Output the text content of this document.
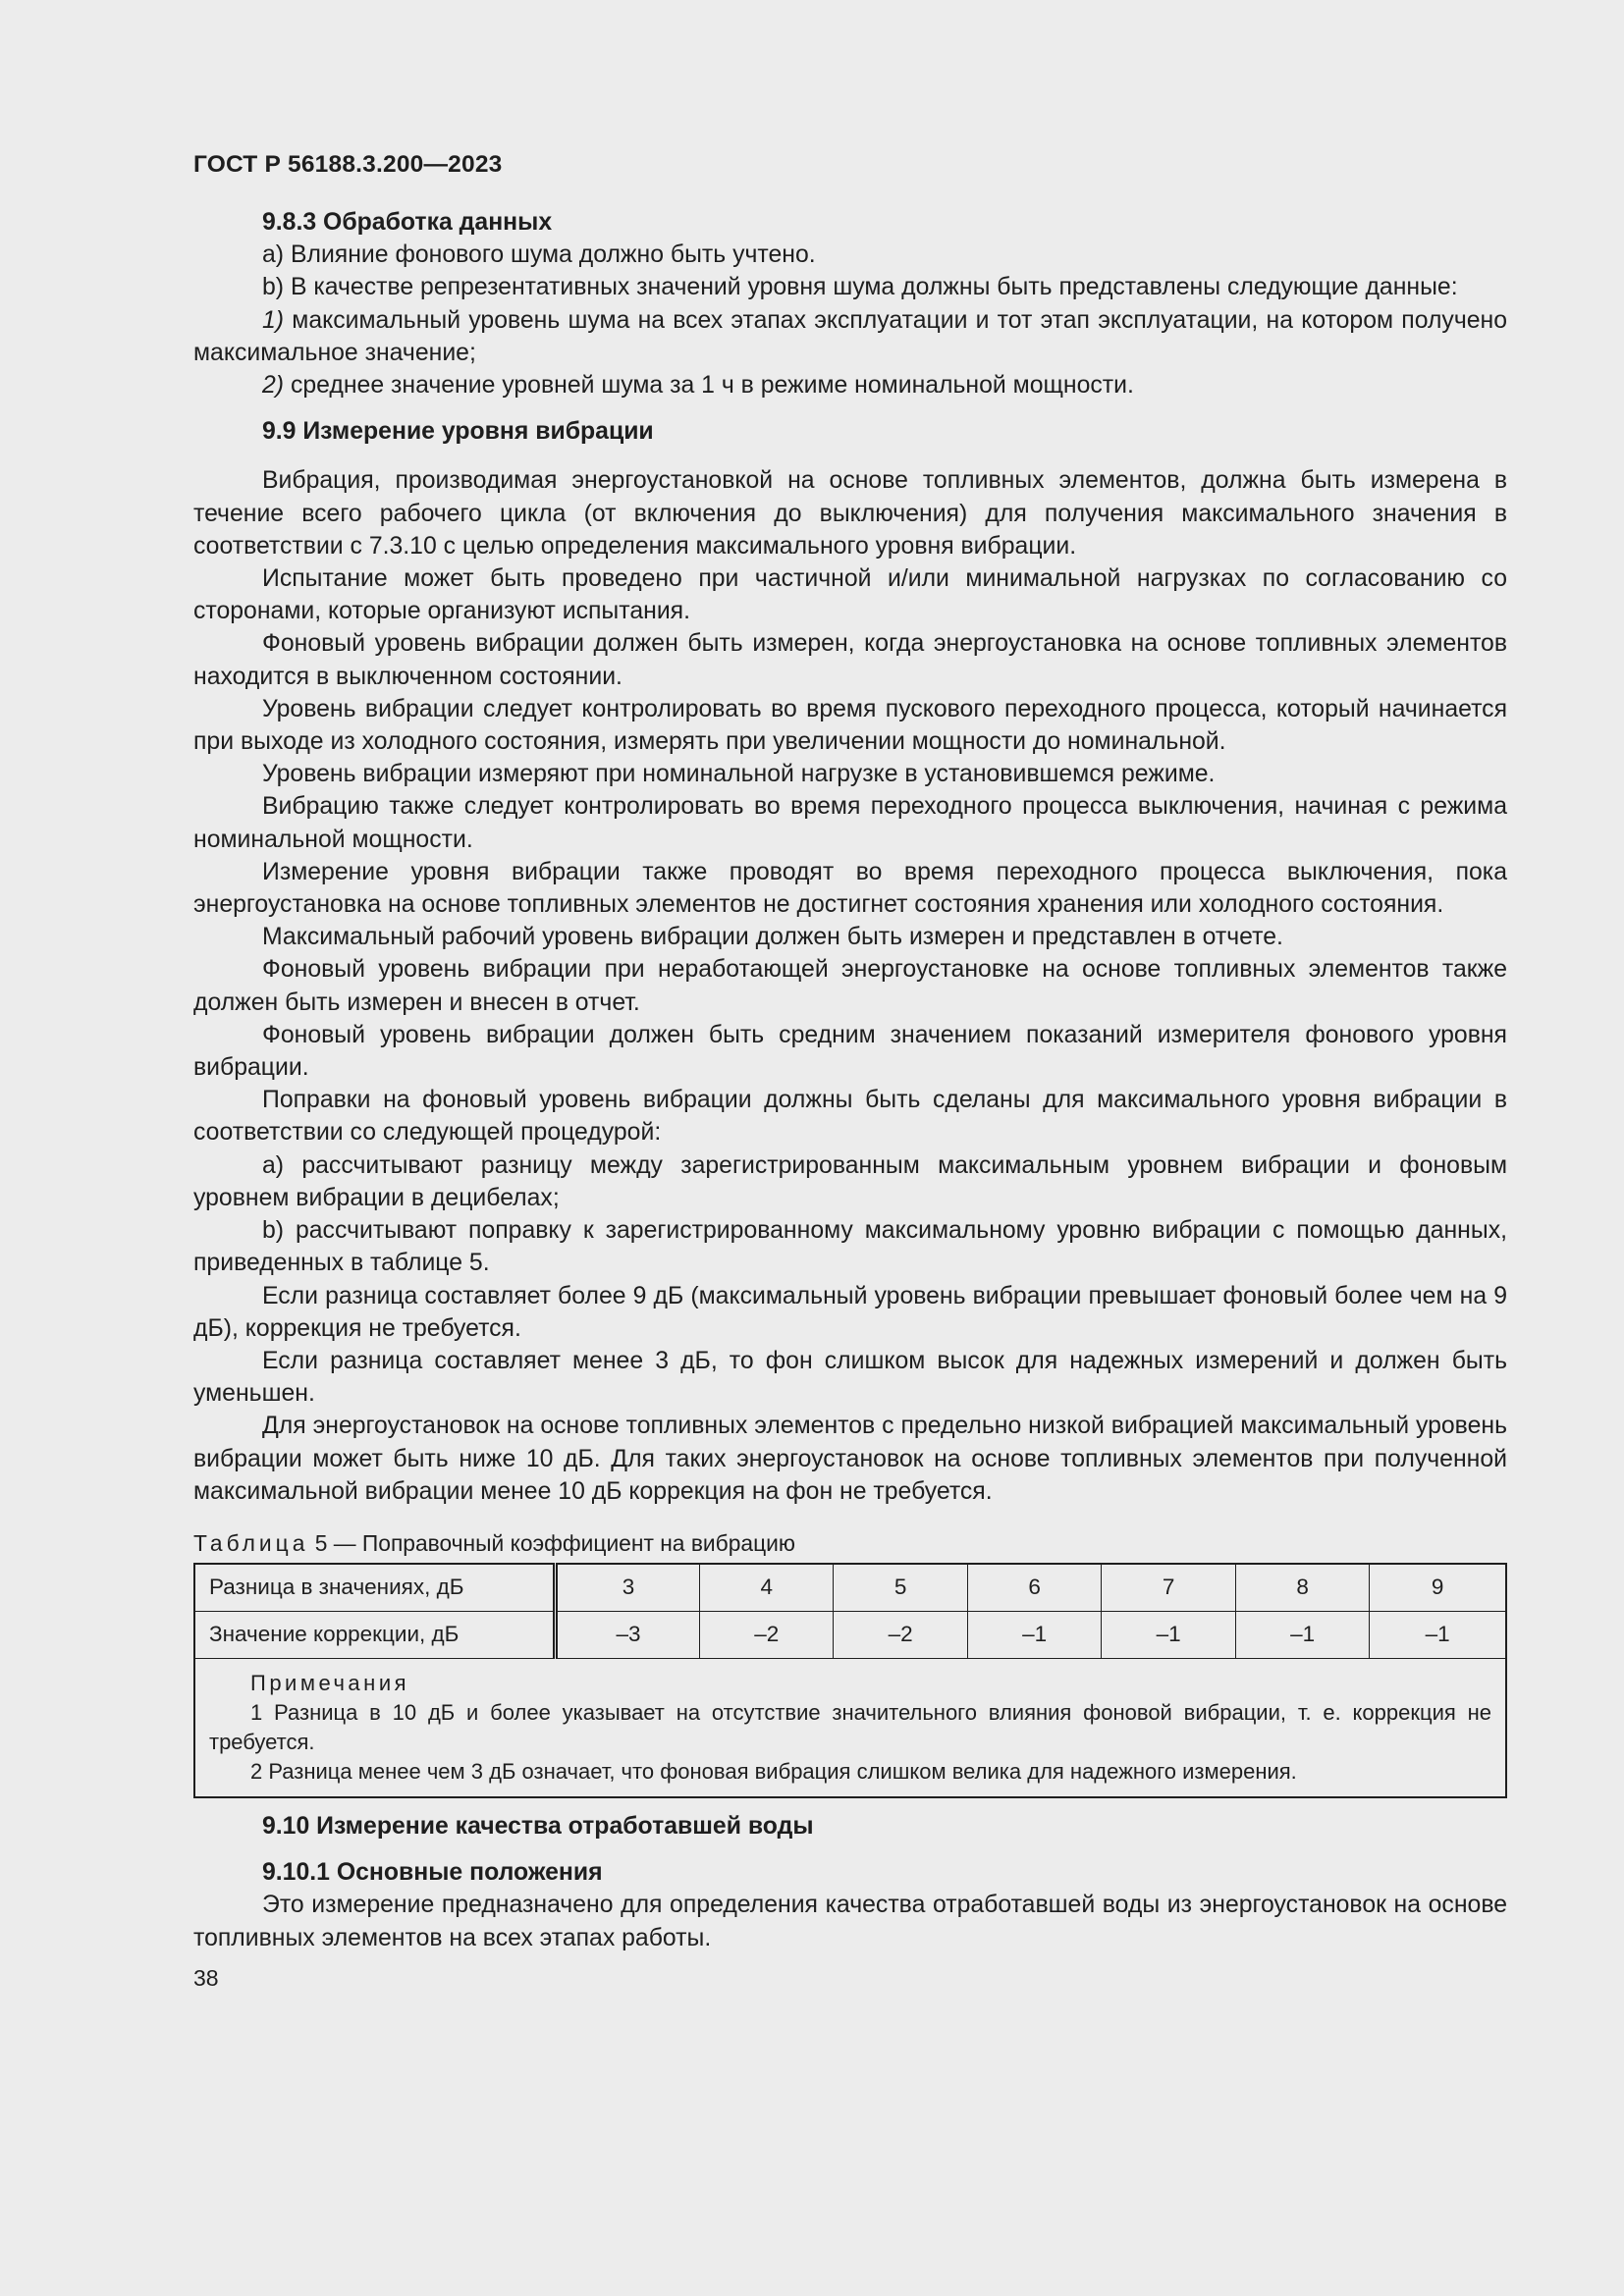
ГОСТ Р 56188.3.200—2023
9.8.3 Обработка данных

a) Влияние фонового шума должно быть учтено.

b) В качестве репрезентативных значений уровня шума должны быть представлены следующие данные:

1) максимальный уровень шума на всех этапах эксплуатации и тот этап эксплуатации, на котором получено максимальное значение;

2) среднее значение уровней шума за 1 ч в режиме номинальной мощности.

9.9 Измерение уровня вибрации

Вибрация, производимая энергоустановкой на основе топливных элементов, должна быть измерена в течение всего рабочего цикла (от включения до выключения) для получения максимального значения в соответствии с 7.3.10 с целью определения максимального уровня вибрации.

Испытание может быть проведено при частичной и/или минимальной нагрузках по согласованию со сторонами, которые организуют испытания.

Фоновый уровень вибрации должен быть измерен, когда энергоустановка на основе топливных элементов находится в выключенном состоянии.

Уровень вибрации следует контролировать во время пускового переходного процесса, который начинается при выходе из холодного состояния, измерять при увеличении мощности до номинальной.

Уровень вибрации измеряют при номинальной нагрузке в установившемся режиме.

Вибрацию также следует контролировать во время переходного процесса выключения, начиная с режима номинальной мощности.

Измерение уровня вибрации также проводят во время переходного процесса выключения, пока энергоустановка на основе топливных элементов не достигнет состояния хранения или холодного состояния.

Максимальный рабочий уровень вибрации должен быть измерен и представлен в отчете.

Фоновый уровень вибрации при неработающей энергоустановке на основе топливных элементов также должен быть измерен и внесен в отчет.

Фоновый уровень вибрации должен быть средним значением показаний измерителя фонового уровня вибрации.

Поправки на фоновый уровень вибрации должны быть сделаны для максимального уровня вибрации в соответствии со следующей процедурой:

a) рассчитывают разницу между зарегистрированным максимальным уровнем вибрации и фоновым уровнем вибрации в децибелах;

b) рассчитывают поправку к зарегистрированному максимальному уровню вибрации с помощью данных, приведенных в таблице 5.

Если разница составляет более 9 дБ (максимальный уровень вибрации превышает фоновый более чем на 9 дБ), коррекция не требуется.

Если разница составляет менее 3 дБ, то фон слишком высок для надежных измерений и должен быть уменьшен.

Для энергоустановок на основе топливных элементов с предельно низкой вибрацией максимальный уровень вибрации может быть ниже 10 дБ. Для таких энергоустановок на основе топливных элементов при полученной максимальной вибрации менее 10 дБ коррекция на фон не требуется.

Таблица 5 — Поправочный коэффициент на вибрацию
Разница в значениях, дБ	3	4	5	6	7	8	9
Значение коррекции, дБ	–3	–2	–2	–1	–1	–1	–1

Примечания
1 Разница в 10 дБ и более указывает на отсутствие значительного влияния фоновой вибрации, т. е. коррекция не требуется.
2 Разница менее чем 3 дБ означает, что фоновая вибрация слишком велика для надежного измерения.							
9.10 Измерение качества отработавшей воды
9.10.1 Основные положения

Это измерение предназначено для определения качества отработавшей воды из энергоустановок на основе топливных элементов на всех этапах работы.

38
